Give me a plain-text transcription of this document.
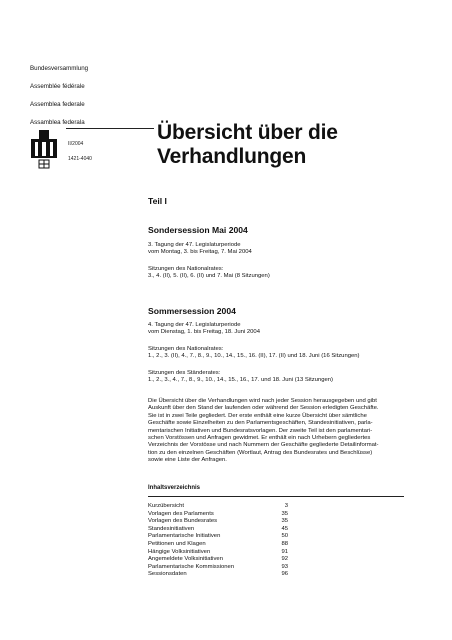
Bundesversammlung
Assemblée fédérale
Assemblea federale
Assamblea federala
II/2004
1421-4040
Übersicht über die
Verhandlungen
Teil I
Sondersession Mai 2004
3. Tagung der 47. Legislaturperiode
vom Montag, 3. bis Freitag, 7. Mai 2004
Sitzungen des Nationalrates:
3., 4. (II), 5. (II), 6. (II) und 7. Mai (8 Sitzungen)
Sommersession 2004
4. Tagung der 47. Legislaturperiode
vom Dienstag, 1. bis Freitag, 18. Juni 2004
Sitzungen des Nationalrates:
1., 2., 3. (II), 4., 7., 8., 9., 10., 14., 15., 16. (II), 17. (II) und 18. Juni (16 Sitzungen)
Sitzungen des Ständerates:
1., 2., 3., 4., 7., 8., 9., 10., 14., 15., 16., 17. und 18. Juni (13 Sitzungen)
Die Übersicht über die Verhandlungen wird nach jeder Session herausgegeben und gibt
Auskunft über den Stand der laufenden oder während der Session erledigten Geschäfte.
Sie ist in zwei Teile gegliedert. Der erste enthält eine kurze Übersicht über sämtliche
Geschäfte sowie Einzelheiten zu den Parlamentsgeschäften, Standesinitiativen, parla-
mentarischen Initiativen und Bundesratsvorlagen. Der zweite Teil ist den parlamentari-
schen Vorstössen und Anfragen gewidmet. Er enthält ein nach Urhebern gegliedertes
Verzeichnis der Vorstösse und nach Nummern der Geschäfte gegliederte Detailinformat-
tion zu den einzelnen Geschäften (Wortlaut, Antrag des Bundesrates und Beschlüsse)
sowie eine Liste der Anfragen.
Inhaltsverzeichnis
Kurzübersicht	3
Vorlagen des Parlaments	35
Vorlagen des Bundesrates	35
Standesinitiativen	45
Parlamentarische Initiativen	50
Petitionen und Klagen	88
Hängige Volksinitiativen	91
Angemeldete Volksinitiativen	92
Parlamentarische Kommissionen	93
Sessionsdaten	96
